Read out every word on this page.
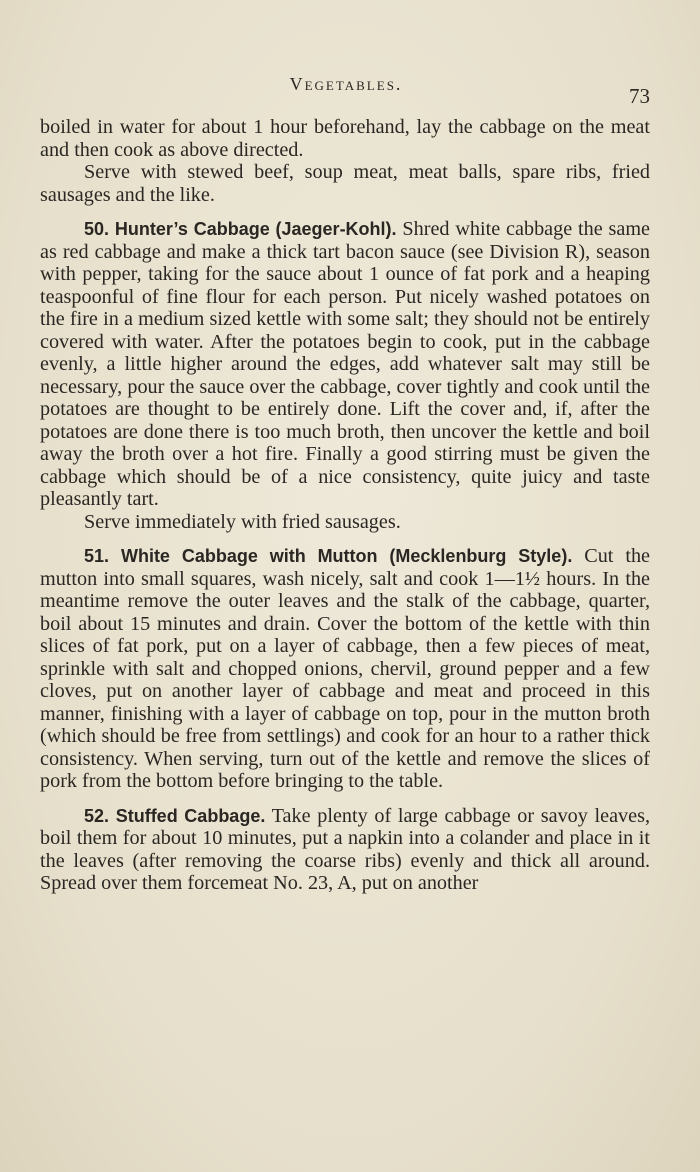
Vegetables.	73

boiled in water for about 1 hour beforehand, lay the cabbage on the meat and then cook as above directed.

Serve with stewed beef, soup meat, meat balls, spare ribs, fried sausages and the like.

50. Hunter’s Cabbage (Jaeger-Kohl). Shred white cabbage the same as red cabbage and make a thick tart bacon sauce (see Division R), season with pepper, taking for the sauce about 1 ounce of fat pork and a heaping teaspoonful of fine flour for each person. Put nicely washed potatoes on the fire in a medium sized kettle with some salt; they should not be entirely covered with water. After the potatoes begin to cook, put in the cabbage evenly, a little higher around the edges, add whatever salt may still be necessary, pour the sauce over the cabbage, cover tightly and cook until the potatoes are thought to be entirely done. Lift the cover and, if, after the potatoes are done there is too much broth, then uncover the kettle and boil away the broth over a hot fire. Finally a good stirring must be given the cabbage which should be of a nice consistency, quite juicy and taste pleasantly tart.

Serve immediately with fried sausages.

51. White Cabbage with Mutton (Mecklenburg Style). Cut the mutton into small squares, wash nicely, salt and cook 1—1½ hours. In the meantime remove the outer leaves and the stalk of the cabbage, quarter, boil about 15 minutes and drain. Cover the bottom of the kettle with thin slices of fat pork, put on a layer of cabbage, then a few pieces of meat, sprinkle with salt and chopped onions, chervil, ground pepper and a few cloves, put on another layer of cabbage and meat and proceed in this manner, finishing with a layer of cabbage on top, pour in the mutton broth (which should be free from settlings) and cook for an hour to a rather thick consistency. When serving, turn out of the kettle and remove the slices of pork from the bottom before bringing to the table.

52. Stuffed Cabbage. Take plenty of large cabbage or savoy leaves, boil them for about 10 minutes, put a napkin into a colander and place in it the leaves (after removing the coarse ribs) evenly and thick all around. Spread over them forcemeat No. 23, A, put on another
